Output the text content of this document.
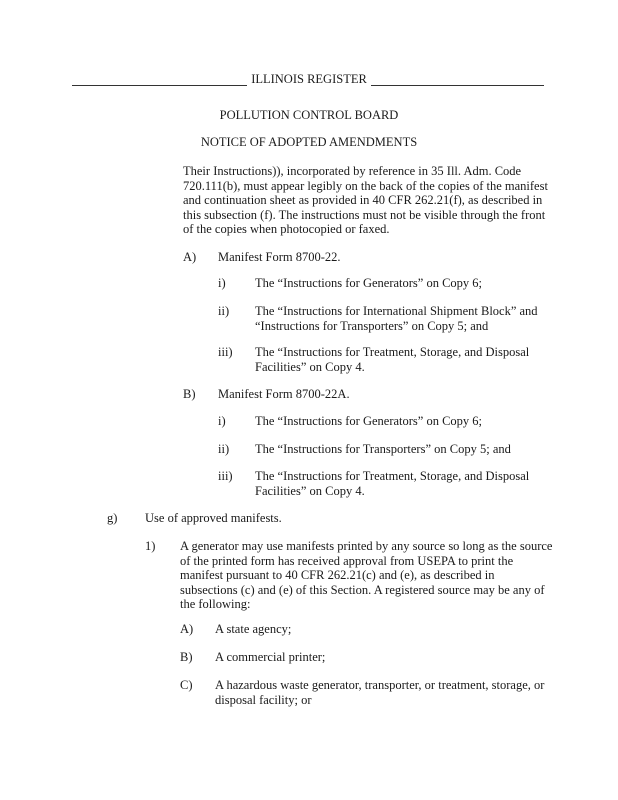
ILLINOIS REGISTER
POLLUTION CONTROL BOARD
NOTICE OF ADOPTED AMENDMENTS
Their Instructions)), incorporated by reference in 35 Ill. Adm. Code
720.111(b), must appear legibly on the back of the copies of the manifest
and continuation sheet as provided in 40 CFR 262.21(f), as described in
this subsection (f). The instructions must not be visible through the front
of the copies when photocopied or faxed.
A) Manifest Form 8700-22.
i) The “Instructions for Generators” on Copy 6;
ii) The “Instructions for International Shipment Block” and
“Instructions for Transporters” on Copy 5; and
iii) The “Instructions for Treatment, Storage, and Disposal
Facilities” on Copy 4.
B) Manifest Form 8700-22A.
i) The “Instructions for Generators” on Copy 6;
ii) The “Instructions for Transporters” on Copy 5; and
iii) The “Instructions for Treatment, Storage, and Disposal
Facilities” on Copy 4.
g) Use of approved manifests.
1) A generator may use manifests printed by any source so long as the source
of the printed form has received approval from USEPA to print the
manifest pursuant to 40 CFR 262.21(c) and (e), as described in
subsections (c) and (e) of this Section. A registered source may be any of
the following:
A) A state agency;
B) A commercial printer;
C) A hazardous waste generator, transporter, or treatment, storage, or
disposal facility; or
